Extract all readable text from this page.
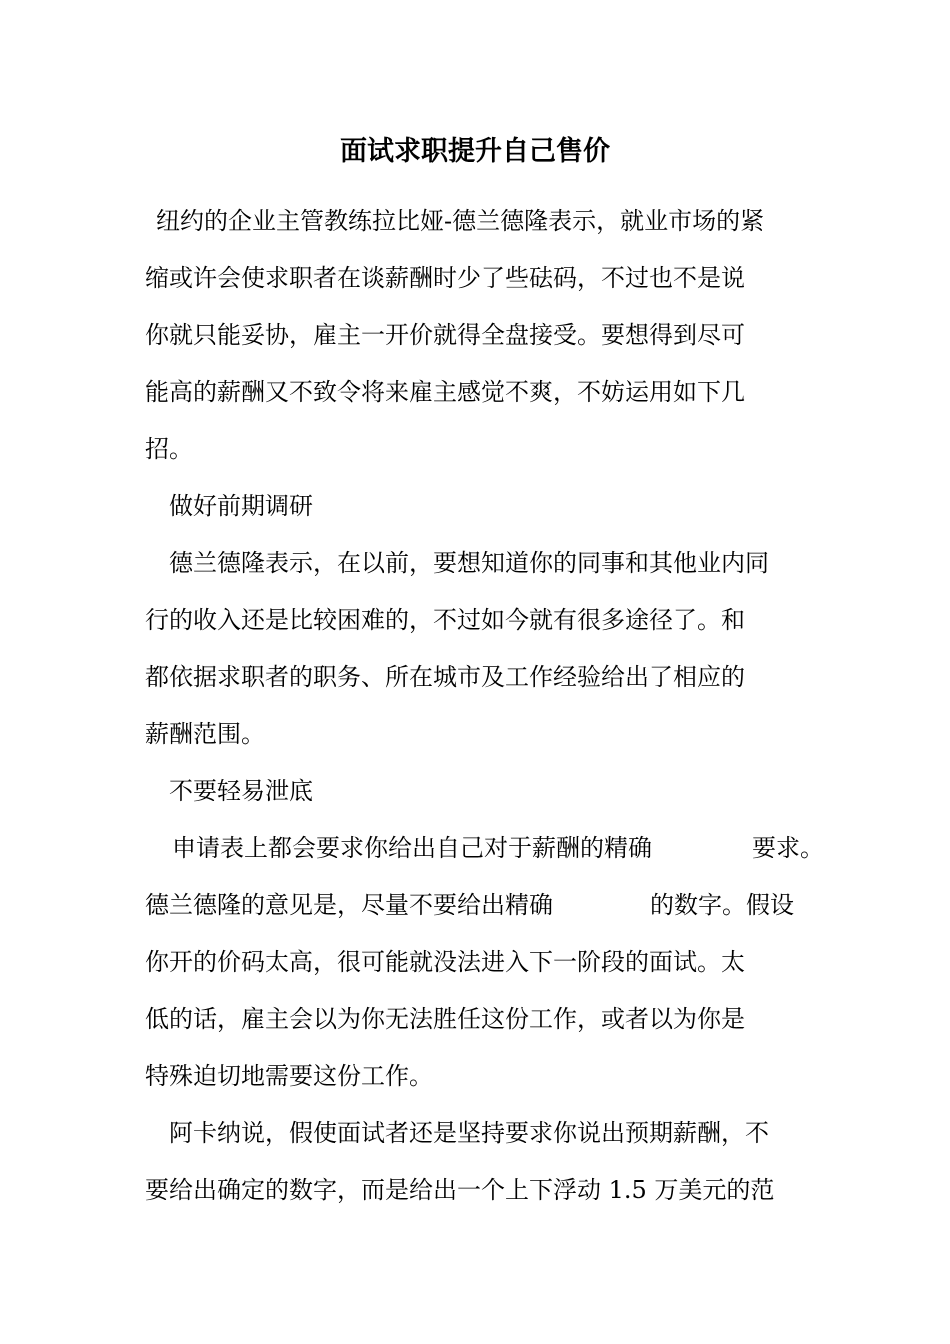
面试求职提升自己售价

纽约的企业主管教练拉比娅-德兰德隆表示，就业市场的紧

缩或许会使求职者在谈薪酬时少了些砝码，不过也不是说

你就只能妥协，雇主一开价就得全盘接受。要想得到尽可

能高的薪酬又不致令将来雇主感觉不爽，不妨运用如下几

招。

做好前期调研

德兰德隆表示，在以前，要想知道你的同事和其他业内同

行的收入还是比较困难的，不过如今就有很多途径了。和

都依据求职者的职务、所在城市及工作经验给出了相应的

薪酬范围。

不要轻易泄底

申请表上都会要求你给出自己对于薪酬的精确	要求。

德兰德隆的意见是，尽量不要给出精确	的数字。假设

你开的价码太高，很可能就没法进入下一阶段的面试。太

低的话，雇主会以为你无法胜任这份工作，或者以为你是

特殊迫切地需要这份工作。

阿卡纳说，假使面试者还是坚持要求你说出预期薪酬，不

要给出确定的数字，而是给出一个上下浮动 1.5 万美元的范
